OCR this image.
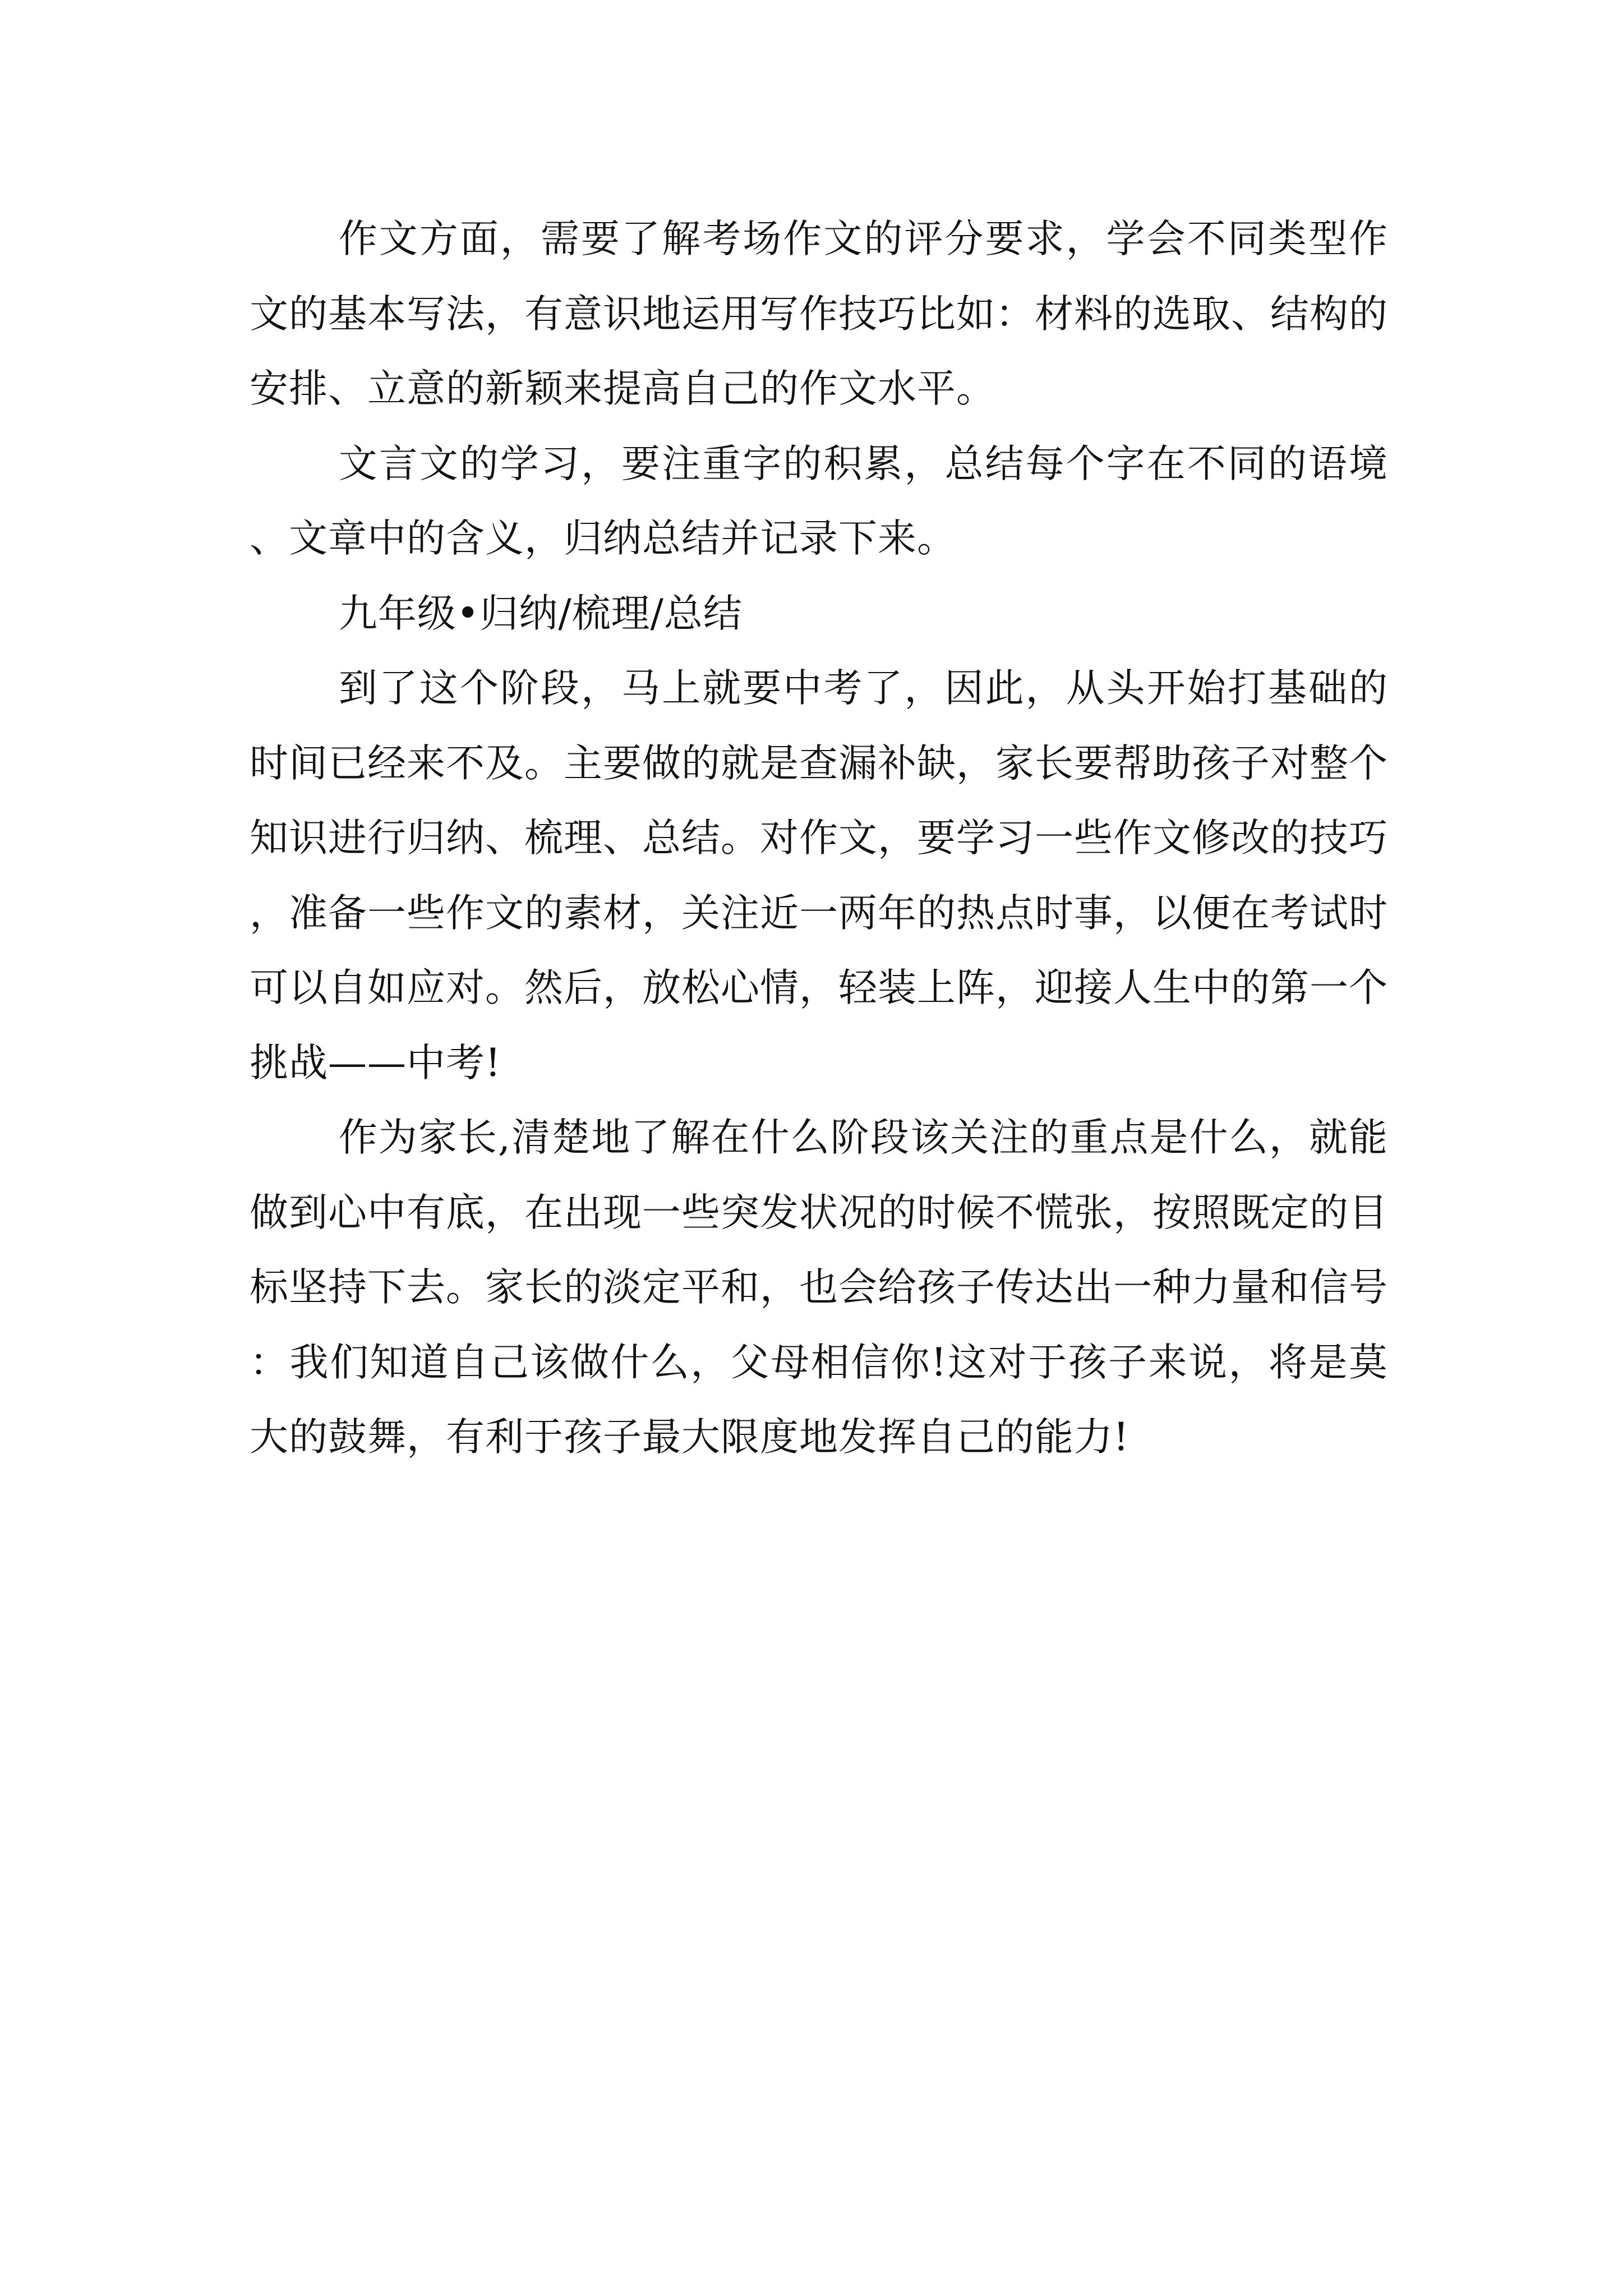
作文方面，需要了解考场作文的评分要求，学会不同类型作文的基本写法，有意识地运用写作技巧比如：材料的选取、结构的安排、立意的新颖来提高自己的作文水平。

文言文的学习，要注重字的积累，总结每个字在不同的语境、文章中的含义，归纳总结并记录下来。

九年级•归纳/梳理/总结

到了这个阶段，马上就要中考了，因此，从头开始打基础的时间已经来不及。主要做的就是查漏补缺，家长要帮助孩子对整个知识进行归纳、梳理、总结。对作文，要学习一些作文修改的技巧，准备一些作文的素材，关注近一两年的热点时事，以便在考试时可以自如应对。然后，放松心情，轻装上阵，迎接人生中的第一个挑战——中考!

作为家长,清楚地了解在什么阶段该关注的重点是什么，就能做到心中有底，在出现一些突发状况的时候不慌张，按照既定的目标坚持下去。家长的淡定平和，也会给孩子传达出一种力量和信号：我们知道自己该做什么，父母相信你!这对于孩子来说，将是莫大的鼓舞，有利于孩子最大限度地发挥自己的能力!
